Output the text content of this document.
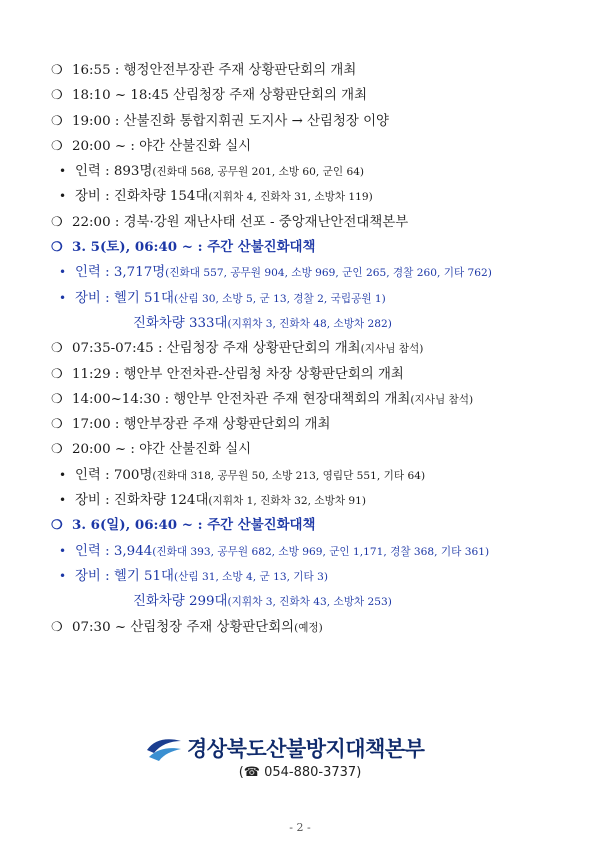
❍ 16:55 : 행정안전부장관 주재 상황판단회의 개최
❍ 18:10 ~ 18:45 산림청장 주재 상황판단회의 개최
❍ 19:00 : 산불진화 통합지휘권 도지사 → 산림청장 이양
❍ 20:00 ~ : 야간 산불진화 실시
• 인력 : 893명(진화대 568, 공무원 201, 소방 60, 군인 64)
• 장비 : 진화차량 154대(지휘차 4, 진화차 31, 소방차 119)
❍ 22:00 : 경북·강원 재난사태 선포 - 중앙재난안전대책본부
❍ 3. 5(토), 06:40 ~ : 주간 산불진화대책
• 인력 : 3,717명(진화대 557, 공무원 904, 소방 969, 군인 265, 경찰 260, 기타 762)
• 장비 : 헬기 51대(산림 30, 소방 5, 군 13, 경찰 2, 국립공원 1)
진화차량 333대(지휘차 3, 진화차 48, 소방차 282)
❍ 07:35-07:45 : 산림청장 주재 상황판단회의 개최(지사님 참석)
❍ 11:29 : 행안부 안전차관-산림청 차장 상황판단회의 개최
❍ 14:00~14:30 : 행안부 안전차관 주재 현장대책회의 개최(지사님 참석)
❍ 17:00 : 행안부장관 주재 상황판단회의 개최
❍ 20:00 ~ : 야간 산불진화 실시
• 인력 : 700명(진화대 318, 공무원 50, 소방 213, 영림단 551, 기타 64)
• 장비 : 진화차량 124대(지휘차 1, 진화차 32, 소방차 91)
❍ 3. 6(일), 06:40 ~ : 주간 산불진화대책
• 인력 : 3,944(진화대 393, 공무원 682, 소방 969, 군인 1,171, 경찰 368, 기타 361)
• 장비 : 헬기 51대(산림 31, 소방 4, 군 13, 기타 3)
진화차량 299대(지휘차 3, 진화차 43, 소방차 253)
❍ 07:30 ~ 산림청장 주재 상황판단회의(예정)
경상북도산불방지대책본부
(☎ 054-880-3737)
- 2 -
